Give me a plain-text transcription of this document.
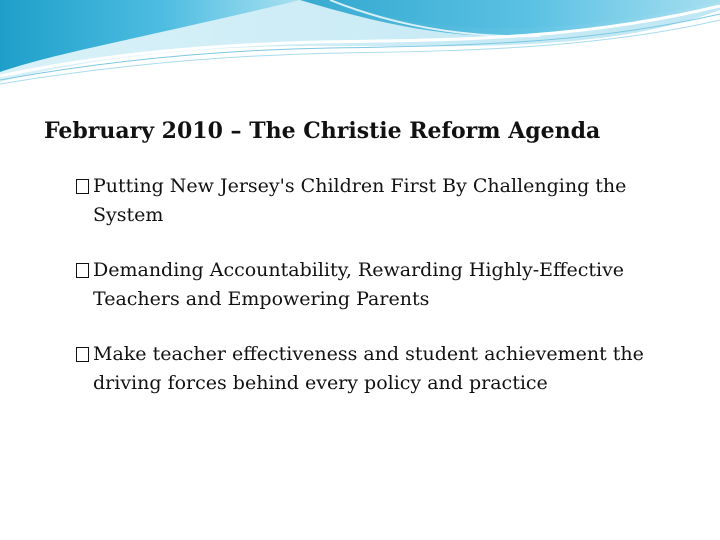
February 2010 – The Christie Reform Agenda
Putting New Jersey's Children First By Challenging the System
Demanding Accountability, Rewarding Highly-Effective Teachers and Empowering Parents
Make teacher effectiveness and student achievement the driving forces behind every policy and practice
